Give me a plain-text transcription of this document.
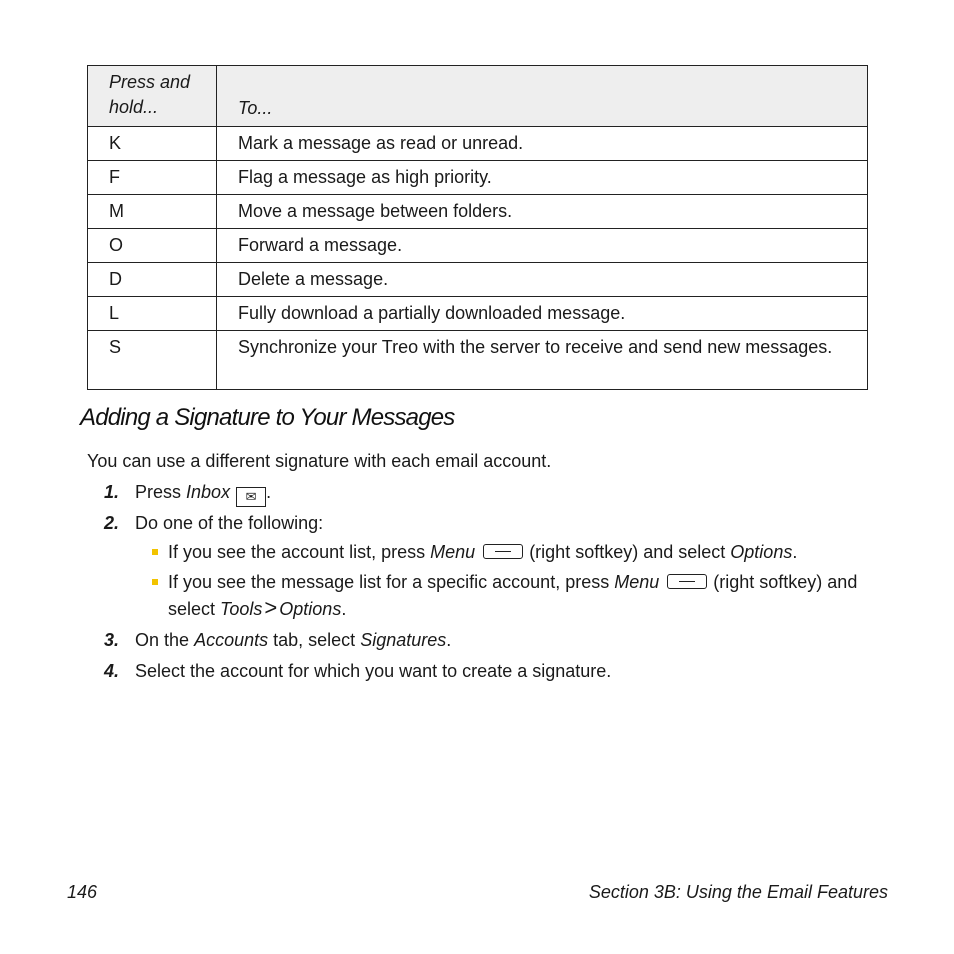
Press and hold...	To...
K	Mark a message as read or unread.
F	Flag a message as high priority.
M	Move a message between folders.
O	Forward a message.
D	Delete a message.
L	Fully download a partially downloaded message.
S	Synchronize your Treo with the server to receive and send new messages.
Adding a Signature to Your Messages

You can use a different signature with each email account.

1. Press Inbox ✉ .
2. Do one of the following:
If you see the account list, press Menu	(right softkey) and select Options.
If you see the message list for a specific account, press Menu	(right softkey) and select Tools> Options.
3. On the Accounts tab, select Signatures.
4. Select the account for which you want to create a signature.
146	Section 3B: Using the Email Features
